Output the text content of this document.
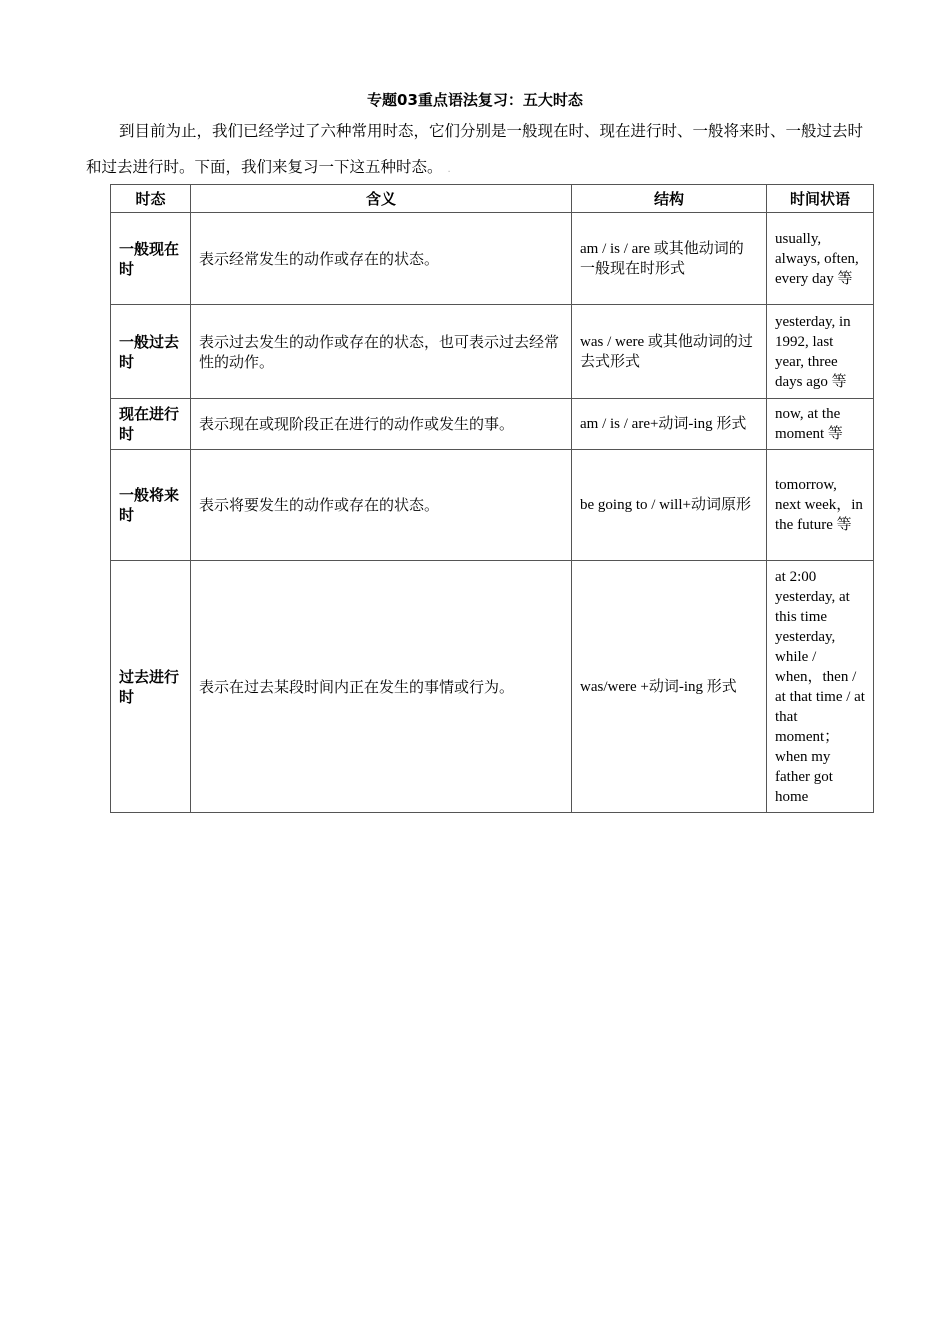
专题03重点语法复习：五大时态

到目前为止，我们已经学过了六种常用时态，它们分别是一般现在时、现在进行时、一般将来时、一般过去时和过去进行时。下面，我们来复习一下这五种时态。 .

时态	含义	结构	时间状语
一般现在时	表示经常发生的动作或存在的状态。	am / is / are 或其他动词的一般现在时形式	usually, always, often, every day 等
一般过去时	表示过去发生的动作或存在的状态，也可表示过去经常性的动作。	was / were 或其他动词的过去式形式	yesterday, in 1992, last year, three days ago 等
现在进行时	表示现在或现阶段正在进行的动作或发生的事。	am / is / are+动词-ing 形式	now, at the moment 等
一般将来时	表示将要发生的动作或存在的状态。	be going to / will+动词原形	tomorrow, next week，in the future 等
过去进行时	表示在过去某段时间内正在发生的事情或行为。	was/were +动词-ing 形式	at 2:00 yesterday, at this time yesterday, while / when，then / at that time / at that moment；when my father got home
